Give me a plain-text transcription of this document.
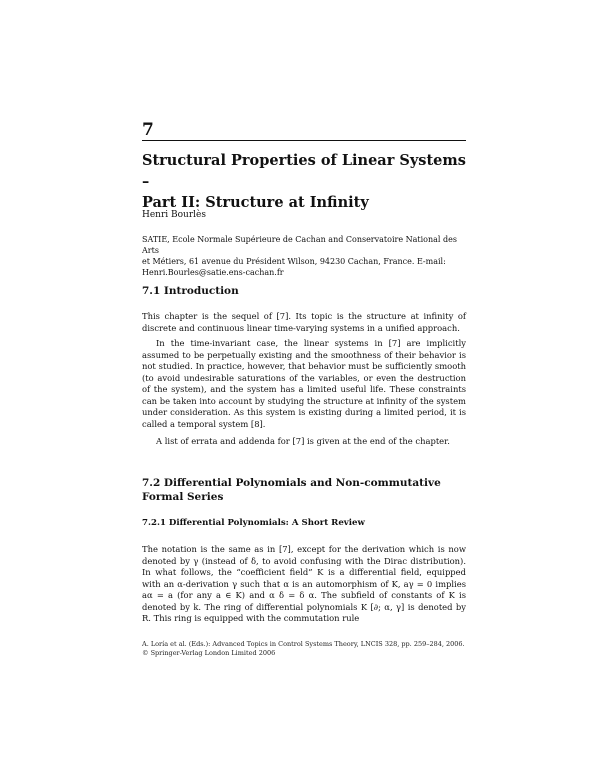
7
Structural Properties of Linear Systems –
Part II: Structure at Infinity
Henri Bourlès
SATIE, Ecole Normale Supérieure de Cachan and Conservatoire National des Arts
et Métiers, 61 avenue du Président Wilson, 94230 Cachan, France. E-mail:
Henri.Bourles@satie.ens-cachan.fr
7.1 Introduction

This chapter is the sequel of [7]. Its topic is the structure at infinity of discrete and continuous linear time-varying systems in a unified approach.

In the time-invariant case, the linear systems in [7] are implicitly assumed to be perpetually existing and the smoothness of their behavior is not studied. In practice, however, that behavior must be sufficiently smooth (to avoid undesirable saturations of the variables, or even the destruction of the system), and the system has a limited useful life. These constraints can be taken into account by studying the structure at infinity of the system under consideration. As this system is existing during a limited period, it is called a temporal system [8].

A list of errata and addenda for [7] is given at the end of the chapter.

7.2 Differential Polynomials and Non-commutative Formal Series
7.2.1 Differential Polynomials: A Short Review

The notation is the same as in [7], except for the derivation which is now denoted by γ (instead of δ, to avoid confusing with the Dirac distribution). In what follows, the “coefficient field” K is a differential field, equipped with an α-derivation γ such that α is an automorphism of K, aγ = 0 implies aα = a (for any a ∈ K) and α δ = δ α. The subfield of constants of K is denoted by k. The ring of differential polynomials K [∂; α, γ] is denoted by R. This ring is equipped with the commutation rule

A. Loría et al. (Eds.): Advanced Topics in Control Systems Theory, LNCIS 328, pp. 259–284, 2006.
© Springer-Verlag London Limited 2006
